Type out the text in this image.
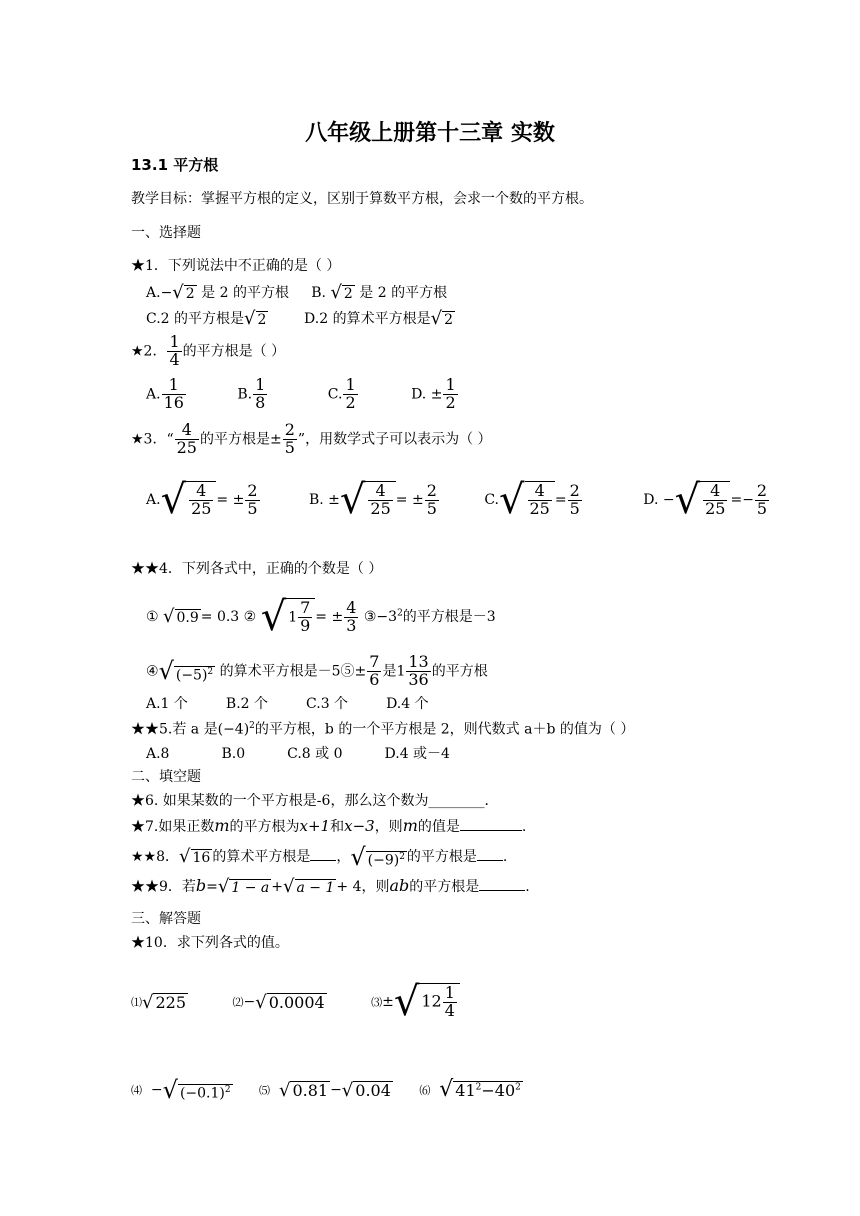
八年级上册第十三章 实数
13.1 平方根
教学目标：掌握平方根的定义，区别于算数平方根，会求一个数的平方根。
一、选择题
★1．下列说法中不正确的是（ ）
A.−√ 2 是 2 的平方根 B. √ 2 是 2 的平方根
C.2 的平方根是√ 2	D.2 的算术平方根是√ 2
★2． $\frac{1}{4}$ 的平方根是（ ）
A. $\frac{1}{16}$	B. $\frac{1}{8}$	C. $\frac{1}{2}$	D. ± $\frac{1}{2}$
★3．“ $\frac{4}{25}$ 的平方根是± $\frac{2}{5}$ ”，用数学式子可以表示为（ ）
$A.√ \frac{4}{25}$ = ± $\frac{2}{5}$	B. ±√ $\frac{4}{25}$ = ± $\frac{2}{5}$	$C.√ \frac{4}{25} = \frac{2}{5}$	D. −√ $\frac{4}{25} =- \frac{2}{5}$
★★4．下列各式中，正确的个数是（ ）
① √ 0.9 = 0.3 ② √ $1 \frac{7}{9}$ = ± $\frac{4}{3}$ $③-3^2$的平方根是－3
④√ $(-5)^2$ 的算术平方根是－5⑤± $\frac{7}{6}$ 是$1 \frac{13}{36}$ 的平方根
A.1 个	B.2 个	C.3 个	D.4 个
★★5.若 a 是$(-4)^2$的平方根，b 的一个平方根是 2，则代数式 a＋b 的值为（ ）
A.8	B.0	C.8 或 0	D.4 或－4
二、填空题
★6. 如果某数的一个平方根是-6，那么这个数为________．
★7.如果正数m的平方根为x+1和x−3，则m的值是	.
★★8．√ 16 的算术平方根是 ，√ $(-9)^2$ 的平方根是 .
★★9．若b=√ 1 − a +√ a − 1 + 4，则ab的平方根是	.
三、解答题
★10．求下列各式的值。
⑴√ 225	⑵−√ 0.0004	⑶±√ $12 \frac{1}{4}$
⑷ −√ $(-0.1)^2$	⑸ √ 0.81 −√ 0.04	⑹ √ $41^2-40^2$
